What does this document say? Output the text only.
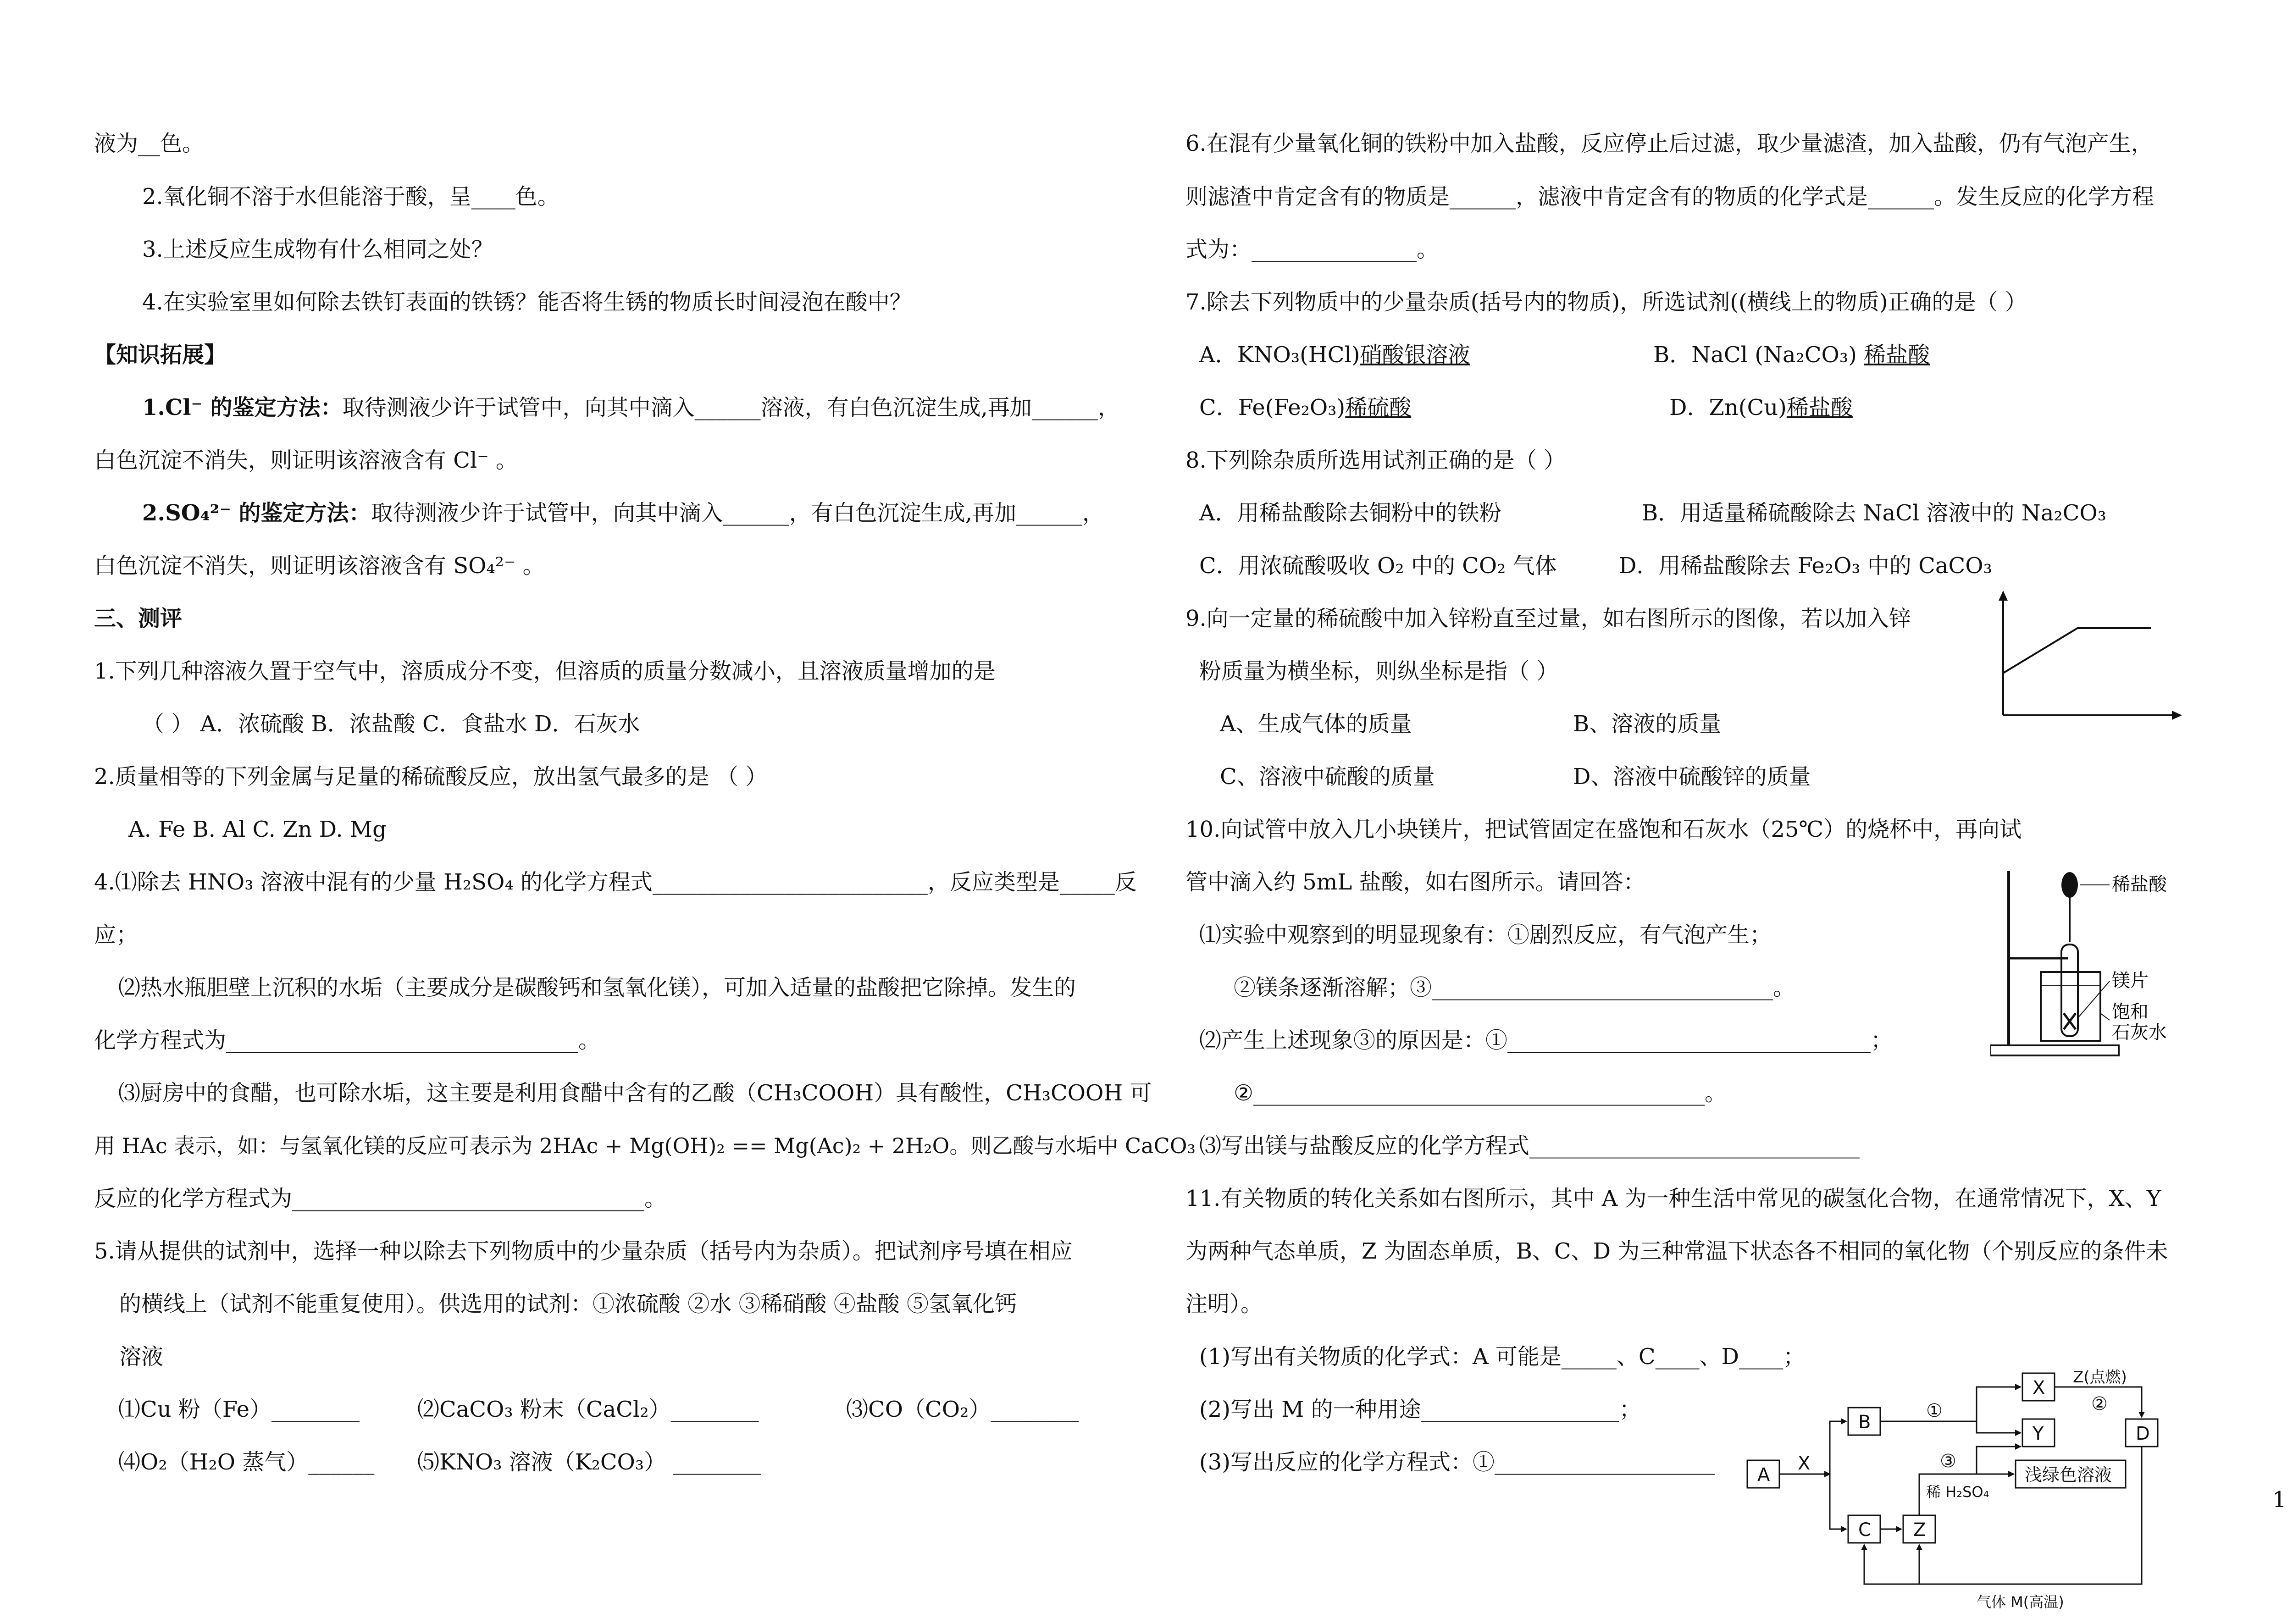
液为__色。
2.氧化铜不溶于水但能溶于酸，呈____色。
3.上述反应生成物有什么相同之处？
4.在实验室里如何除去铁钉表面的铁锈？能否将生锈的物质长时间浸泡在酸中？
【知识拓展】
1.Cl⁻ 的鉴定方法：取待测液少许于试管中，向其中滴入______溶液，有白色沉淀生成,再加______，
白色沉淀不消失，则证明该溶液含有 Cl⁻ 。
2.SO₄²⁻ 的鉴定方法：取待测液少许于试管中，向其中滴入______，有白色沉淀生成,再加______，
白色沉淀不消失，则证明该溶液含有 SO₄²⁻ 。
三、测评
1.下列几种溶液久置于空气中，溶质成分不变，但溶质的质量分数减小，且溶液质量增加的是
（ ） A．浓硫酸 B．浓盐酸 C．食盐水 D．石灰水
2.质量相等的下列金属与足量的稀硫酸反应，放出氢气最多的是 （ ）
A. Fe B. Al C. Zn D. Mg
4.⑴除去 HNO₃ 溶液中混有的少量 H₂SO₄ 的化学方程式_________________________，反应类型是_____反
应；
⑵热水瓶胆壁上沉积的水垢（主要成分是碳酸钙和氢氧化镁），可加入适量的盐酸把它除掉。发生的
化学方程式为________________________________。
⑶厨房中的食醋，也可除水垢，这主要是利用食醋中含有的乙酸（CH₃COOH）具有酸性，CH₃COOH 可
用 HAc 表示，如：与氢氧化镁的反应可表示为 2HAc + Mg(OH)₂ == Mg(Ac)₂ + 2H₂O。则乙酸与水垢中 CaCO₃
反应的化学方程式为________________________________。
5.请从提供的试剂中，选择一种以除去下列物质中的少量杂质（括号内为杂质）。把试剂序号填在相应
的横线上（试剂不能重复使用）。供选用的试剂：①浓硫酸 ②水 ③稀硝酸 ④盐酸 ⑤氢氧化钙
溶液
⑴Cu 粉（Fe）________	⑵CaCO₃ 粉末（CaCl₂）________	⑶CO（CO₂）________
⑷O₂（H₂O 蒸气）______ ⑸KNO₃ 溶液（K₂CO₃） ________
6.在混有少量氧化铜的铁粉中加入盐酸，反应停止后过滤，取少量滤渣，加入盐酸，仍有气泡产生，
则滤渣中肯定含有的物质是______，滤液中肯定含有的物质的化学式是______。发生反应的化学方程
式为：_______________。
7.除去下列物质中的少量杂质(括号内的物质)，所选试剂((横线上的物质)正确的是（ ）
A．KNO₃(HCl)硝酸银溶液	B．NaCl (Na₂CO₃) 稀盐酸
C．Fe(Fe₂O₃)稀硫酸	D．Zn(Cu)稀盐酸
8.下列除杂质所选用试剂正确的是（ ）
A．用稀盐酸除去铜粉中的铁粉	B．用适量稀硫酸除去 NaCl 溶液中的 Na₂CO₃
C．用浓硫酸吸收 O₂ 中的 CO₂ 气体	D．用稀盐酸除去 Fe₂O₃ 中的 CaCO₃
9.向一定量的稀硫酸中加入锌粉直至过量，如右图所示的图像，若以加入锌
粉质量为横坐标，则纵坐标是指（ ）
A、生成气体的质量	B、溶液的质量
C、溶液中硫酸的质量	D、溶液中硫酸锌的质量
10.向试管中放入几小块镁片，把试管固定在盛饱和石灰水（25℃）的烧杯中，再向试
管中滴入约 5mL 盐酸，如右图所示。请回答：
⑴实验中观察到的明显现象有：①剧烈反应，有气泡产生；
②镁条逐渐溶解；③_______________________________。
⑵产生上述现象③的原因是：①_________________________________；
②_________________________________________。
⑶写出镁与盐酸反应的化学方程式______________________________
稀盐酸
镁片
饱和
石灰水
11.有关物质的转化关系如右图所示，其中 A 为一种生活中常见的碳氢化合物，在通常情况下，X、Y
为两种气态单质，Z 为固态单质，B、C、D 为三种常温下状态各不相同的氧化物（个别反应的条件未
注明）。
(1)写出有关物质的化学式：A 可能是_____、C____、D____；
(2)写出 M 的一种用途__________________；
(3)写出反应的化学方程式：①____________________ A
B
C Z
X
Y	D
X
①	②
③
Z(点燃)
稀 H₂SO₄
浅绿色溶液
气体 M(高温)
1
